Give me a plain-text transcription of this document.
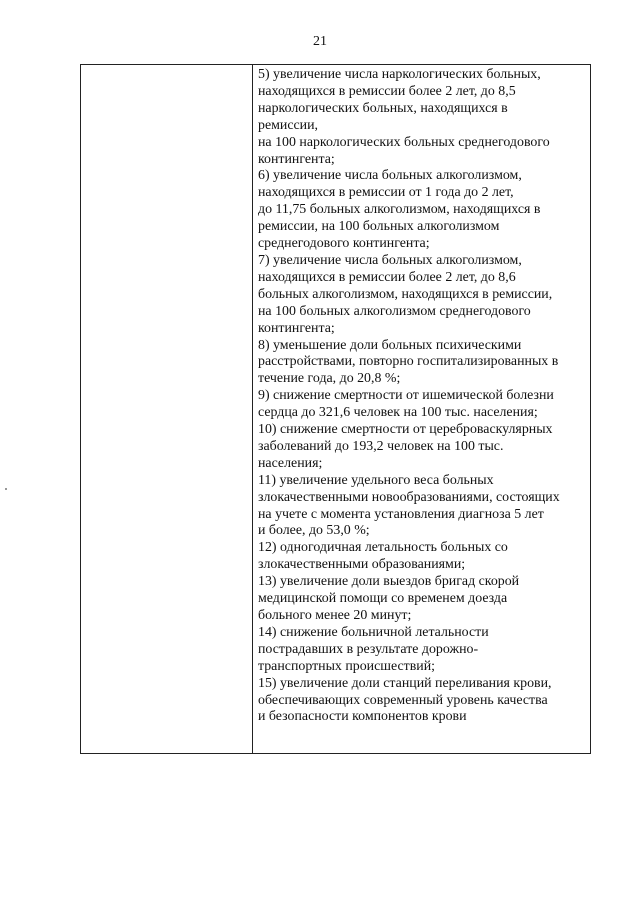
21
5) увеличение числа наркологических больных,
находящихся в ремиссии более 2 лет, до 8,5
наркологических больных, находящихся в
ремиссии,
на 100 наркологических больных среднегодового
контингента;
6) увеличение числа больных алкоголизмом,
находящихся в ремиссии от 1 года до 2 лет,
до 11,75 больных алкоголизмом, находящихся в
ремиссии, на 100 больных алкоголизмом
среднегодового контингента;
7) увеличение числа больных алкоголизмом,
находящихся в ремиссии более 2 лет, до 8,6
больных алкоголизмом, находящихся в ремиссии,
на 100 больных алкоголизмом среднегодового
контингента;
8) уменьшение доли больных психическими
расстройствами, повторно госпитализированных в
течение года, до 20,8 %;
9) снижение смертности от ишемической болезни
сердца до 321,6 человек на 100 тыс. населения;
10) снижение смертности от цереброваскулярных
заболеваний до 193,2 человек на 100 тыс.
населения;
11) увеличение удельного веса больных
злокачественными новообразованиями, состоящих
на учете с момента установления диагноза 5 лет
и более, до 53,0 %;
12) одногодичная летальность больных со
злокачественными образованиями;
13) увеличение доли выездов бригад скорой
медицинской помощи со временем доезда
больного менее 20 минут;
14) снижение больничной летальности
пострадавших в результате дорожно-
транспортных происшествий;
15) увеличение доли станций переливания крови,
обеспечивающих современный уровень качества
и безопасности компонентов крови
